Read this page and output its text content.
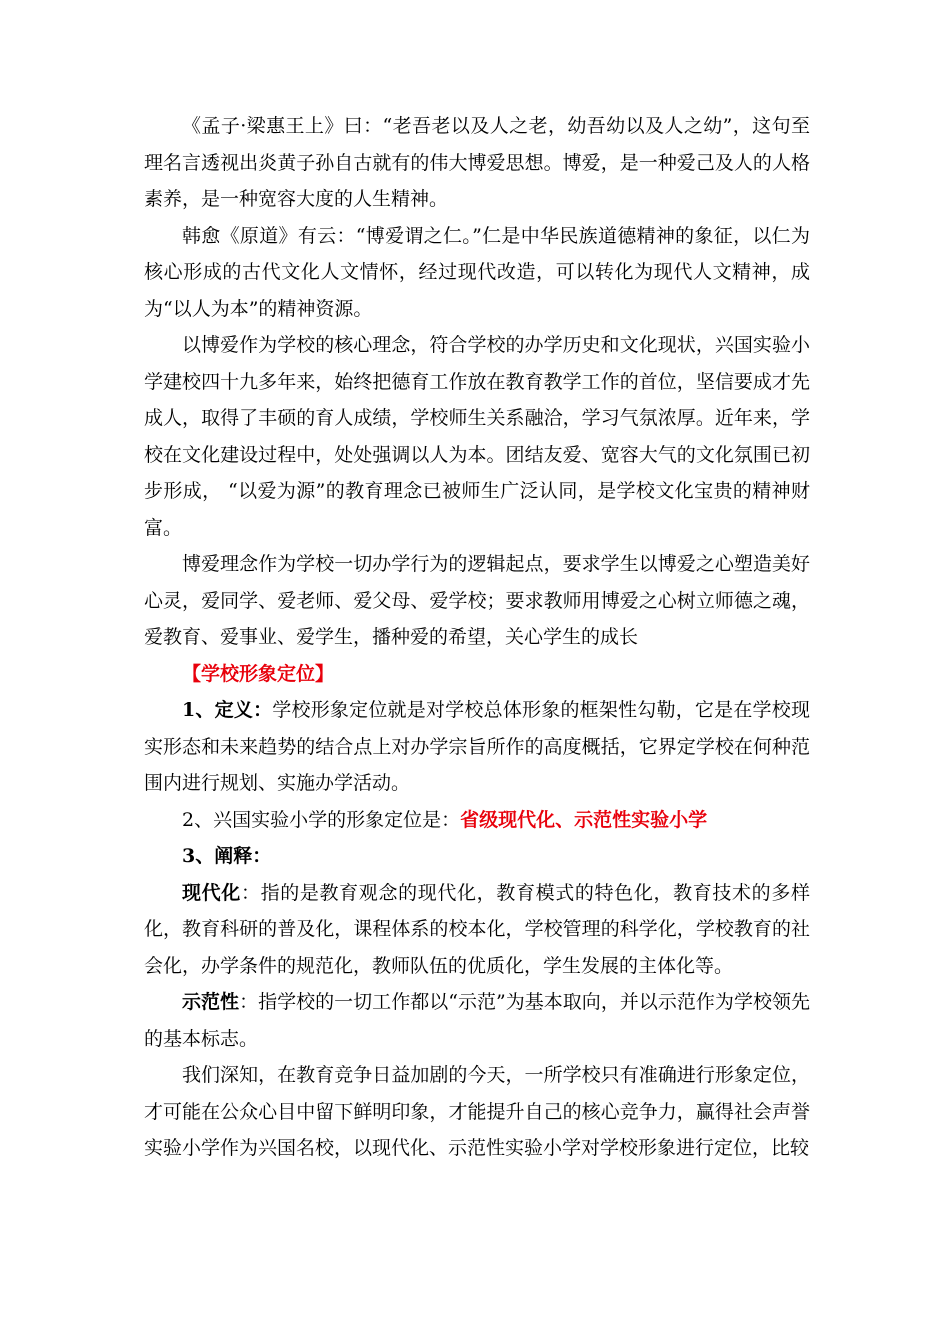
《孟子·梁惠王上》曰：“老吾老以及人之老，幼吾幼以及人之幼”，这句至理名言透视出炎黄子孙自古就有的伟大博爱思想。博爱，是一种爱己及人的人格素养，是一种宽容大度的人生精神。

韩愈《原道》有云：“博爱谓之仁。”仁是中华民族道德精神的象征，以仁为核心形成的古代文化人文情怀，经过现代改造，可以转化为现代人文精神，成为“以人为本”的精神资源。

以博爱作为学校的核心理念，符合学校的办学历史和文化现状，兴国实验小学建校四十九多年来，始终把德育工作放在教育教学工作的首位，坚信要成才先成人，取得了丰硕的育人成绩，学校师生关系融洽，学习气氛浓厚。近年来，学校在文化建设过程中，处处强调以人为本。团结友爱、宽容大气的文化氛围已初步形成， “以爱为源”的教育理念已被师生广泛认同，是学校文化宝贵的精神财富。

博爱理念作为学校一切办学行为的逻辑起点，要求学生以博爱之心塑造美好心灵，爱同学、爱老师、爱父母、爱学校；要求教师用博爱之心树立师德之魂，爱教育、爱事业、爱学生，播种爱的希望，关心学生的成长

【学校形象定位】

1、定义：学校形象定位就是对学校总体形象的框架性勾勒，它是在学校现实形态和未来趋势的结合点上对办学宗旨所作的高度概括，它界定学校在何种范围内进行规划、实施办学活动。

2、兴国实验小学的形象定位是：省级现代化、示范性实验小学

3、阐释：

现代化：指的是教育观念的现代化，教育模式的特色化，教育技术的多样化，教育科研的普及化，课程体系的校本化，学校管理的科学化，学校教育的社会化，办学条件的规范化，教师队伍的优质化，学生发展的主体化等。

示范性：指学校的一切工作都以“示范”为基本取向，并以示范作为学校领先的基本标志。

我们深知，在教育竞争日益加剧的今天，一所学校只有准确进行形象定位，才可能在公众心目中留下鲜明印象，才能提升自己的核心竞争力，赢得社会声誉实验小学作为兴国名校，以现代化、示范性实验小学对学校形象进行定位，比较
